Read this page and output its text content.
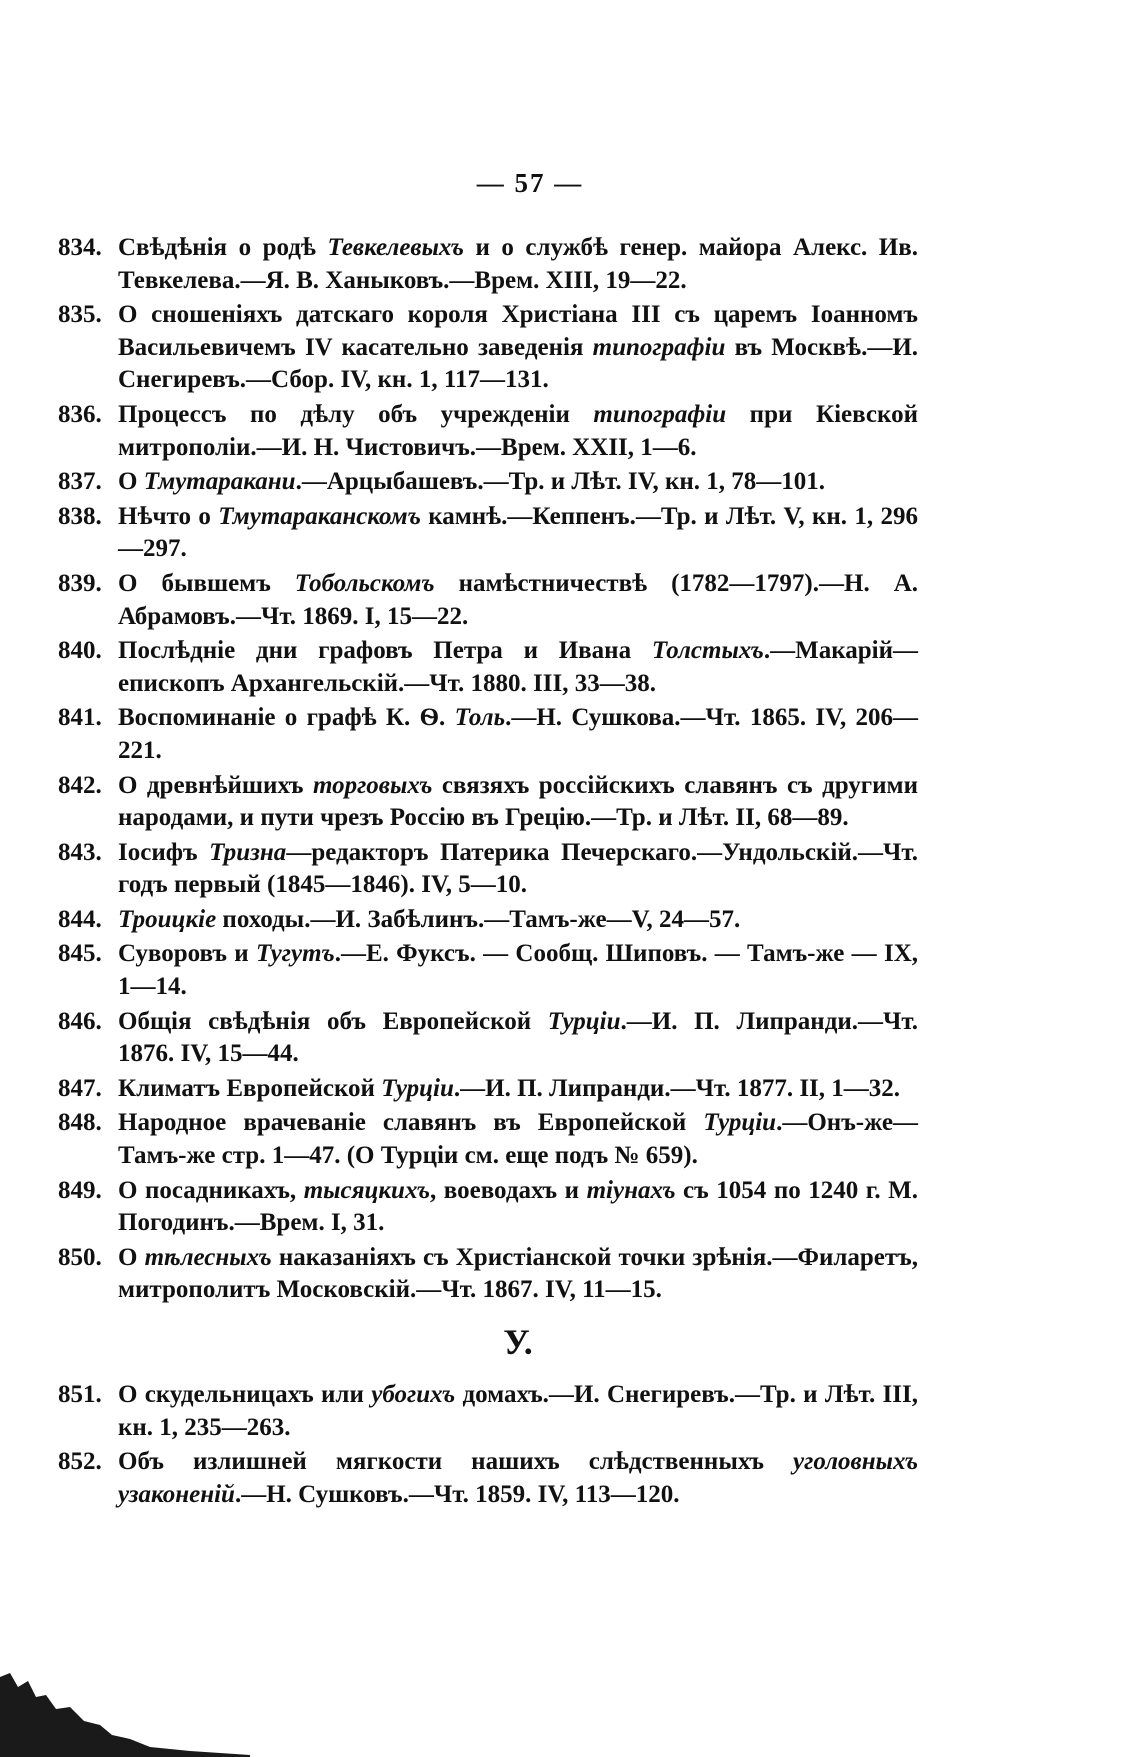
— 57 —
834. Свѣдѣнія о родѣ Тевкелевыхъ и о службѣ генер. майора Алекс. Ив. Тевкелева.—Я. В. Ханыковъ.—Врем. XIII, 19—22.
835. О сношеніяхъ датскаго короля Христіана III съ царемъ Іоанномъ Васильевичемъ IV касательно заведенія типографіи въ Москвѣ.—И. Снегиревъ.—Сбор. IV, кн. 1, 117—131.
836. Процессъ по дѣлу объ учрежденіи типографіи при Кіевской митрополіи.—И. Н. Чистовичъ.—Врем. XXII, 1—6.
837. О Тмутаракани.—Арцыбашевъ.—Тр. и Лѣт. IV, кн. 1, 78—101.
838. Нѣчто о Тмутараканскомъ камнѣ.—Кеппенъ.—Тр. и Лѣт. V, кн. 1, 296—297.
839. О бывшемъ Тобольскомъ намѣстничествѣ (1782—1797).—Н. А. Абрамовъ.—Чт. 1869. I, 15—22.
840. Послѣдніе дни графовъ Петра и Ивана Толстыхъ.—Макарій—епископъ Архангельскій.—Чт. 1880. III, 33—38.
841. Воспоминаніе о графѣ К. Ѳ. Толь.—Н. Сушкова.—Чт. 1865. IV, 206—221.
842. О древнѣйшихъ торговыхъ связяхъ россійскихъ славянъ съ другими народами, и пути чрезъ Россію въ Грецію.—Тр. и Лѣт. II, 68—89.
843. Іосифъ Тризна—редакторъ Патерика Печерскаго.—Ундольскій.—Чт. годъ первый (1845—1846). IV, 5—10.
844. Троицкіе походы.—И. Забѣлинъ.—Тамъ-же—V, 24—57.
845. Суворовъ и Тугутъ.—Е. Фуксъ. — Сообщ. Шиповъ. — Тамъ-же — IX, 1—14.
846. Общія свѣдѣнія объ Европейской Турціи.—И. П. Липранди.—Чт. 1876. IV, 15—44.
847. Климатъ Европейской Турціи.—И. П. Липранди.—Чт. 1877. II, 1—32.
848. Народное врачеваніе славянъ въ Европейской Турціи.—Онъ-же—Тамъ-же стр. 1—47. (О Турціи см. еще подъ № 659).
849. О посадникахъ, тысяцкихъ, воеводахъ и тіунахъ съ 1054 по 1240 г. М. Погодинъ.—Врем. I, 31.
850. О тѣлесныхъ наказаніяхъ съ Христіанской точки зрѣнія.—Филаретъ, митрополитъ Московскій.—Чт. 1867. IV, 11—15.
У.
851. О скудельницахъ или убогихъ домахъ.—И. Снегиревъ.—Тр. и Лѣт. III, кн. 1, 235—263.
852. Объ излишней мягкости нашихъ слѣдственныхъ уголовныхъ узаконеній.—Н. Сушковъ.—Чт. 1859. IV, 113—120.
